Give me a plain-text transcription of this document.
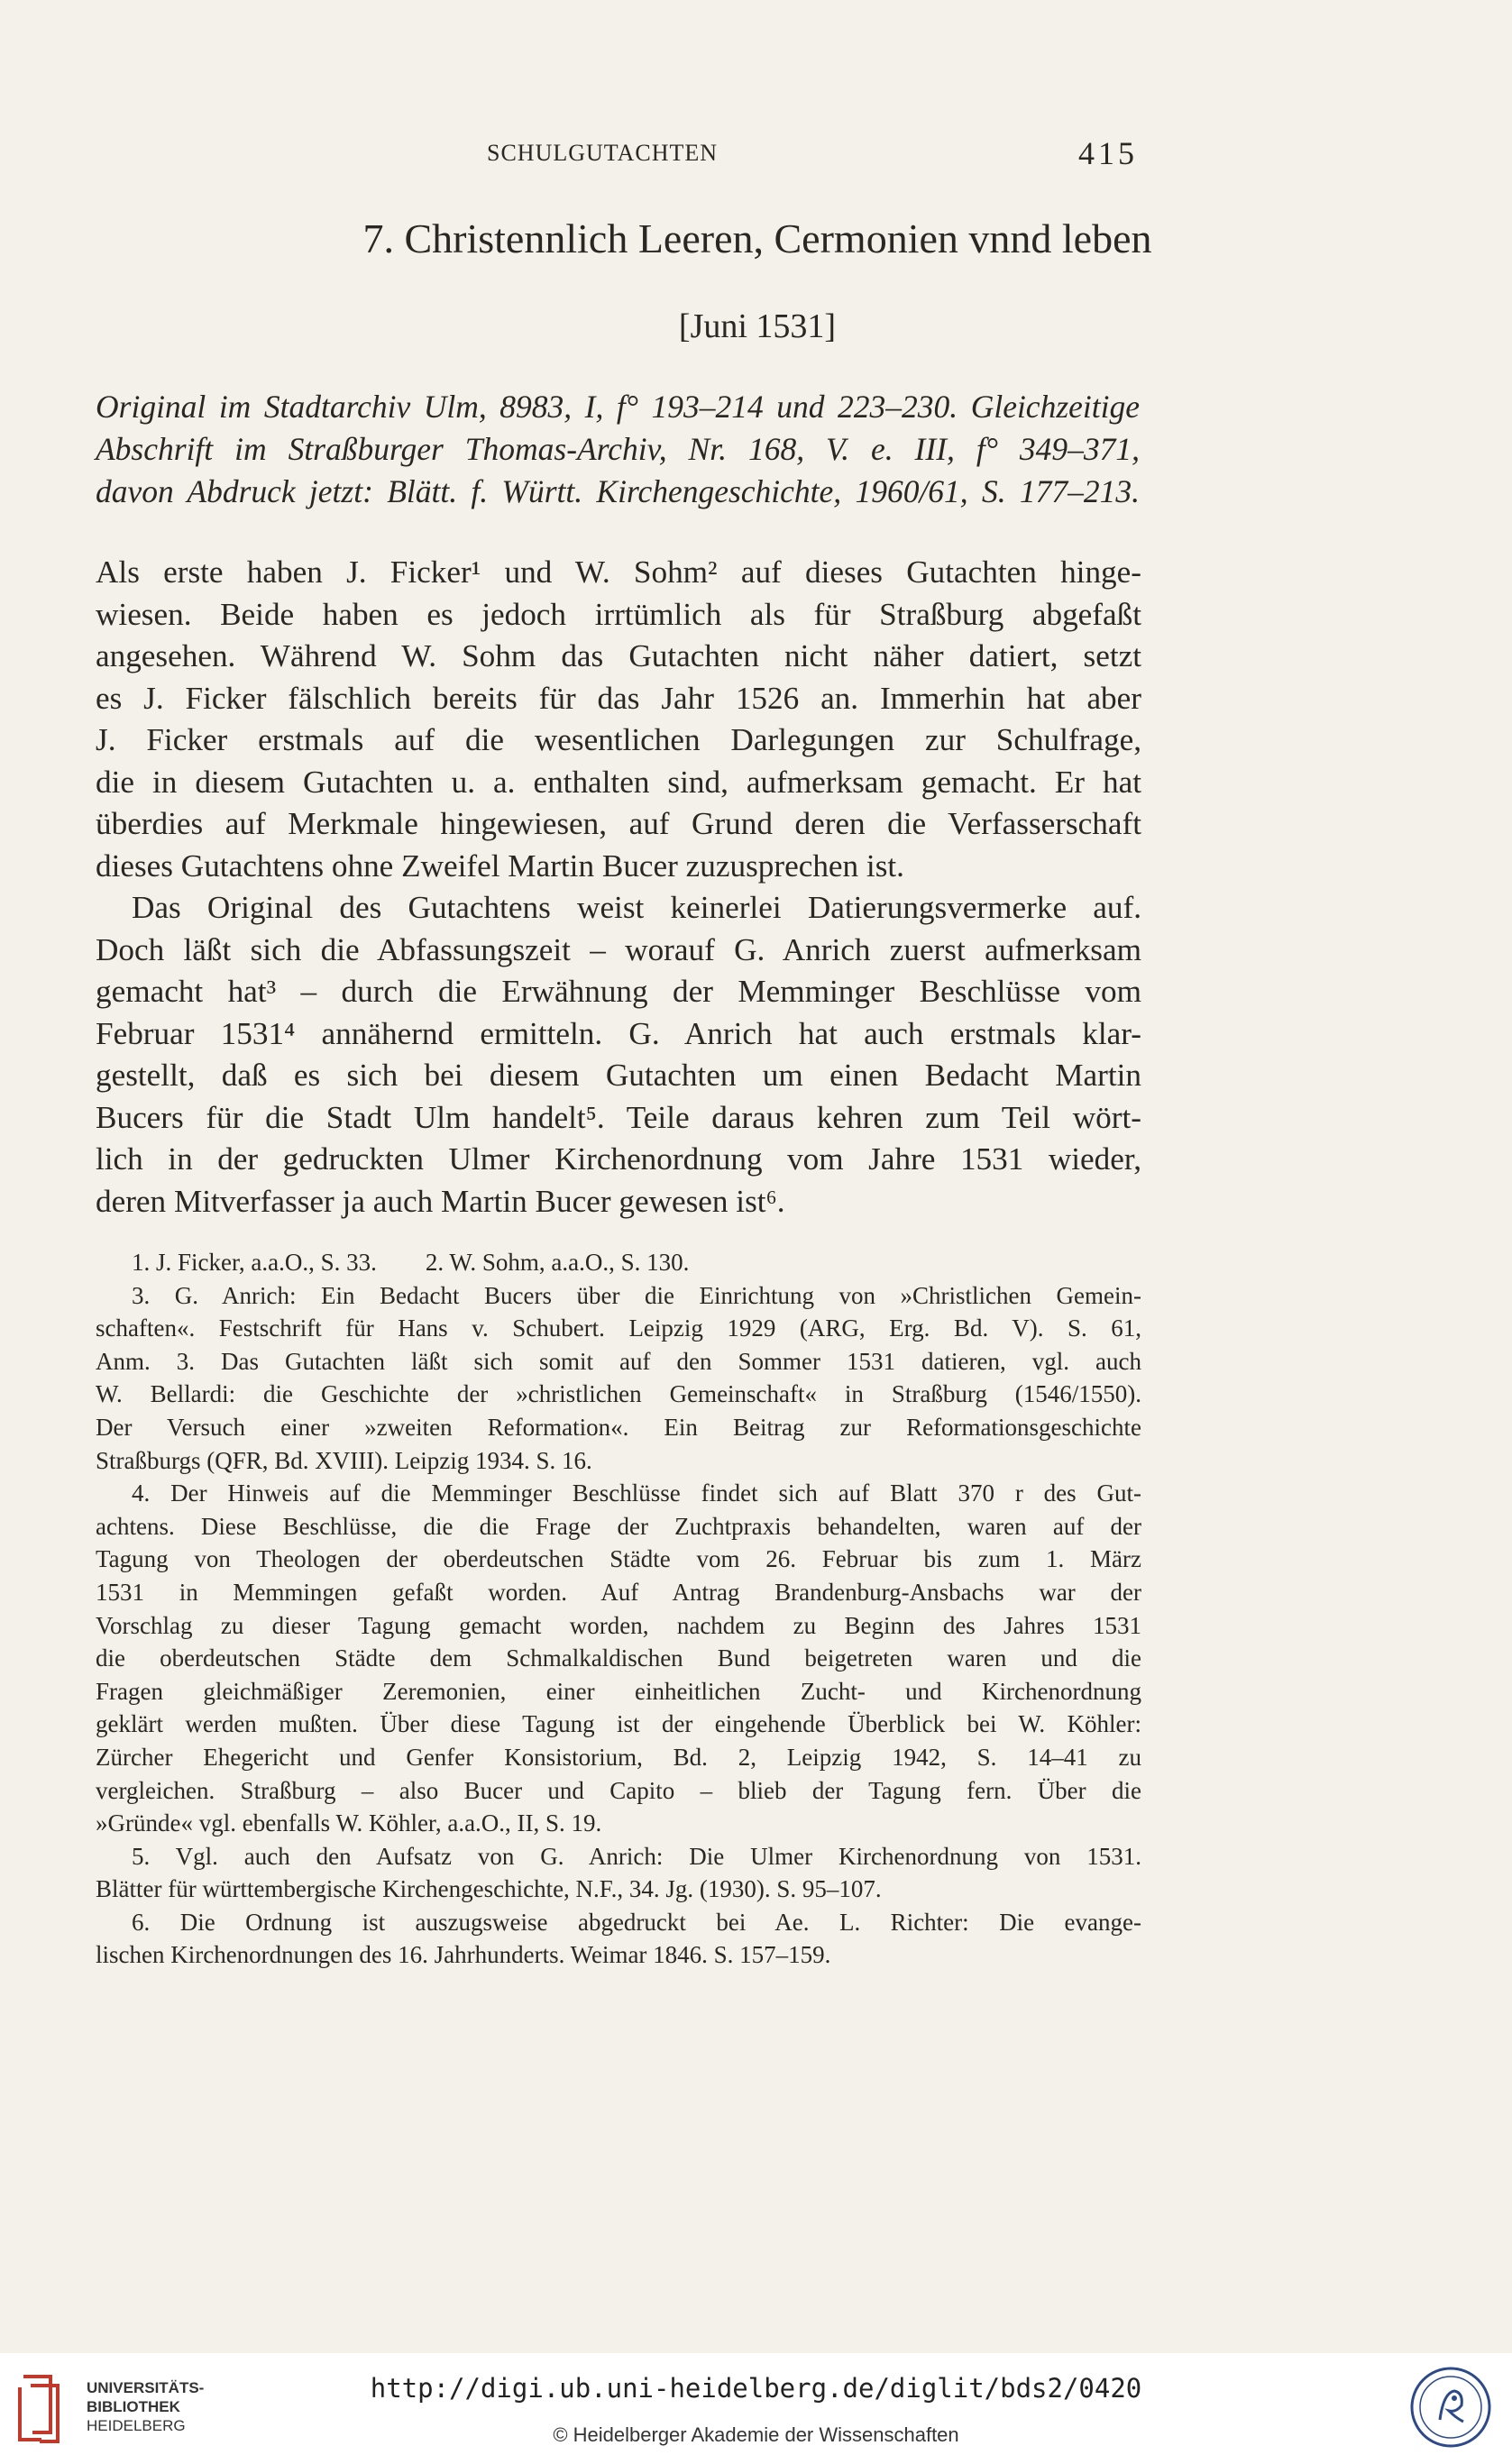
SCHULGUTACHTEN	415
7. Christennlich Leeren, Cermonien vnnd leben
[Juni 1531]

Original im Stadtarchiv Ulm, 8983, I, f° 193–214 und 223–230. Gleichzeitige

Abschrift im Straßburger Thomas-Archiv, Nr. 168, V. e. III, f° 349–371,

davon Abdruck jetzt: Blätt. f. Württ. Kirchengeschichte, 1960/61, S. 177–213.

Als erste haben J. Ficker¹ und W. Sohm² auf dieses Gutachten hinge-
wiesen. Beide haben es jedoch irrtümlich als für Straßburg abgefaßt
angesehen. Während W. Sohm das Gutachten nicht näher datiert, setzt
es J. Ficker fälschlich bereits für das Jahr 1526 an. Immerhin hat aber
J. Ficker erstmals auf die wesentlichen Darlegungen zur Schulfrage,
die in diesem Gutachten u. a. enthalten sind, aufmerksam gemacht. Er hat
überdies auf Merkmale hingewiesen, auf Grund deren die Verfasserschaft
dieses Gutachtens ohne Zweifel Martin Bucer zuzusprechen ist.

Das Original des Gutachtens weist keinerlei Datierungsvermerke auf.
Doch läßt sich die Abfassungszeit – worauf G. Anrich zuerst aufmerksam
gemacht hat³ – durch die Erwähnung der Memminger Beschlüsse vom
Februar 1531⁴ annähernd ermitteln. G. Anrich hat auch erstmals klar-
gestellt, daß es sich bei diesem Gutachten um einen Bedacht Martin
Bucers für die Stadt Ulm handelt⁵. Teile daraus kehren zum Teil wört-
lich in der gedruckten Ulmer Kirchenordnung vom Jahre 1531 wieder,
deren Mitverfasser ja auch Martin Bucer gewesen ist⁶.

1. J. Ficker, a.a.O., S. 33.        2. W. Sohm, a.a.O., S. 130.
3. G. Anrich: Ein Bedacht Bucers über die Einrichtung von »Christlichen Gemein-
schaften«. Festschrift für Hans v. Schubert. Leipzig 1929 (ARG, Erg. Bd. V). S. 61,
Anm. 3. Das Gutachten läßt sich somit auf den Sommer 1531 datieren, vgl. auch
W. Bellardi: die Geschichte der »christlichen Gemeinschaft« in Straßburg (1546/1550).
Der Versuch einer »zweiten Reformation«. Ein Beitrag zur Reformationsgeschichte
Straßburgs (QFR, Bd. XVIII). Leipzig 1934. S. 16.
4. Der Hinweis auf die Memminger Beschlüsse findet sich auf Blatt 370 r des Gut-
achtens. Diese Beschlüsse, die die Frage der Zuchtpraxis behandelten, waren auf der
Tagung von Theologen der oberdeutschen Städte vom 26. Februar bis zum 1. März
1531 in Memmingen gefaßt worden. Auf Antrag Brandenburg-Ansbachs war der
Vorschlag zu dieser Tagung gemacht worden, nachdem zu Beginn des Jahres 1531
die oberdeutschen Städte dem Schmalkaldischen Bund beigetreten waren und die
Fragen gleichmäßiger Zeremonien, einer einheitlichen Zucht- und Kirchenordnung
geklärt werden mußten. Über diese Tagung ist der eingehende Überblick bei W. Köhler:
Zürcher Ehegericht und Genfer Konsistorium, Bd. 2, Leipzig 1942, S. 14–41 zu
vergleichen. Straßburg – also Bucer und Capito – blieb der Tagung fern. Über die
»Gründe« vgl. ebenfalls W. Köhler, a.a.O., II, S. 19.
5. Vgl. auch den Aufsatz von G. Anrich: Die Ulmer Kirchenordnung von 1531.
Blätter für württembergische Kirchengeschichte, N.F., 34. Jg. (1930). S. 95–107.
6. Die Ordnung ist auszugsweise abgedruckt bei Ae. L. Richter: Die evange-
lischen Kirchenordnungen des 16. Jahrhunderts. Weimar 1846. S. 157–159.
UNIVERSITÄTS-
BIBLIOTHEK
HEIDELBERG
http://digi.ub.uni-heidelberg.de/diglit/bds2/0420
© Heidelberger Akademie der Wissenschaften
